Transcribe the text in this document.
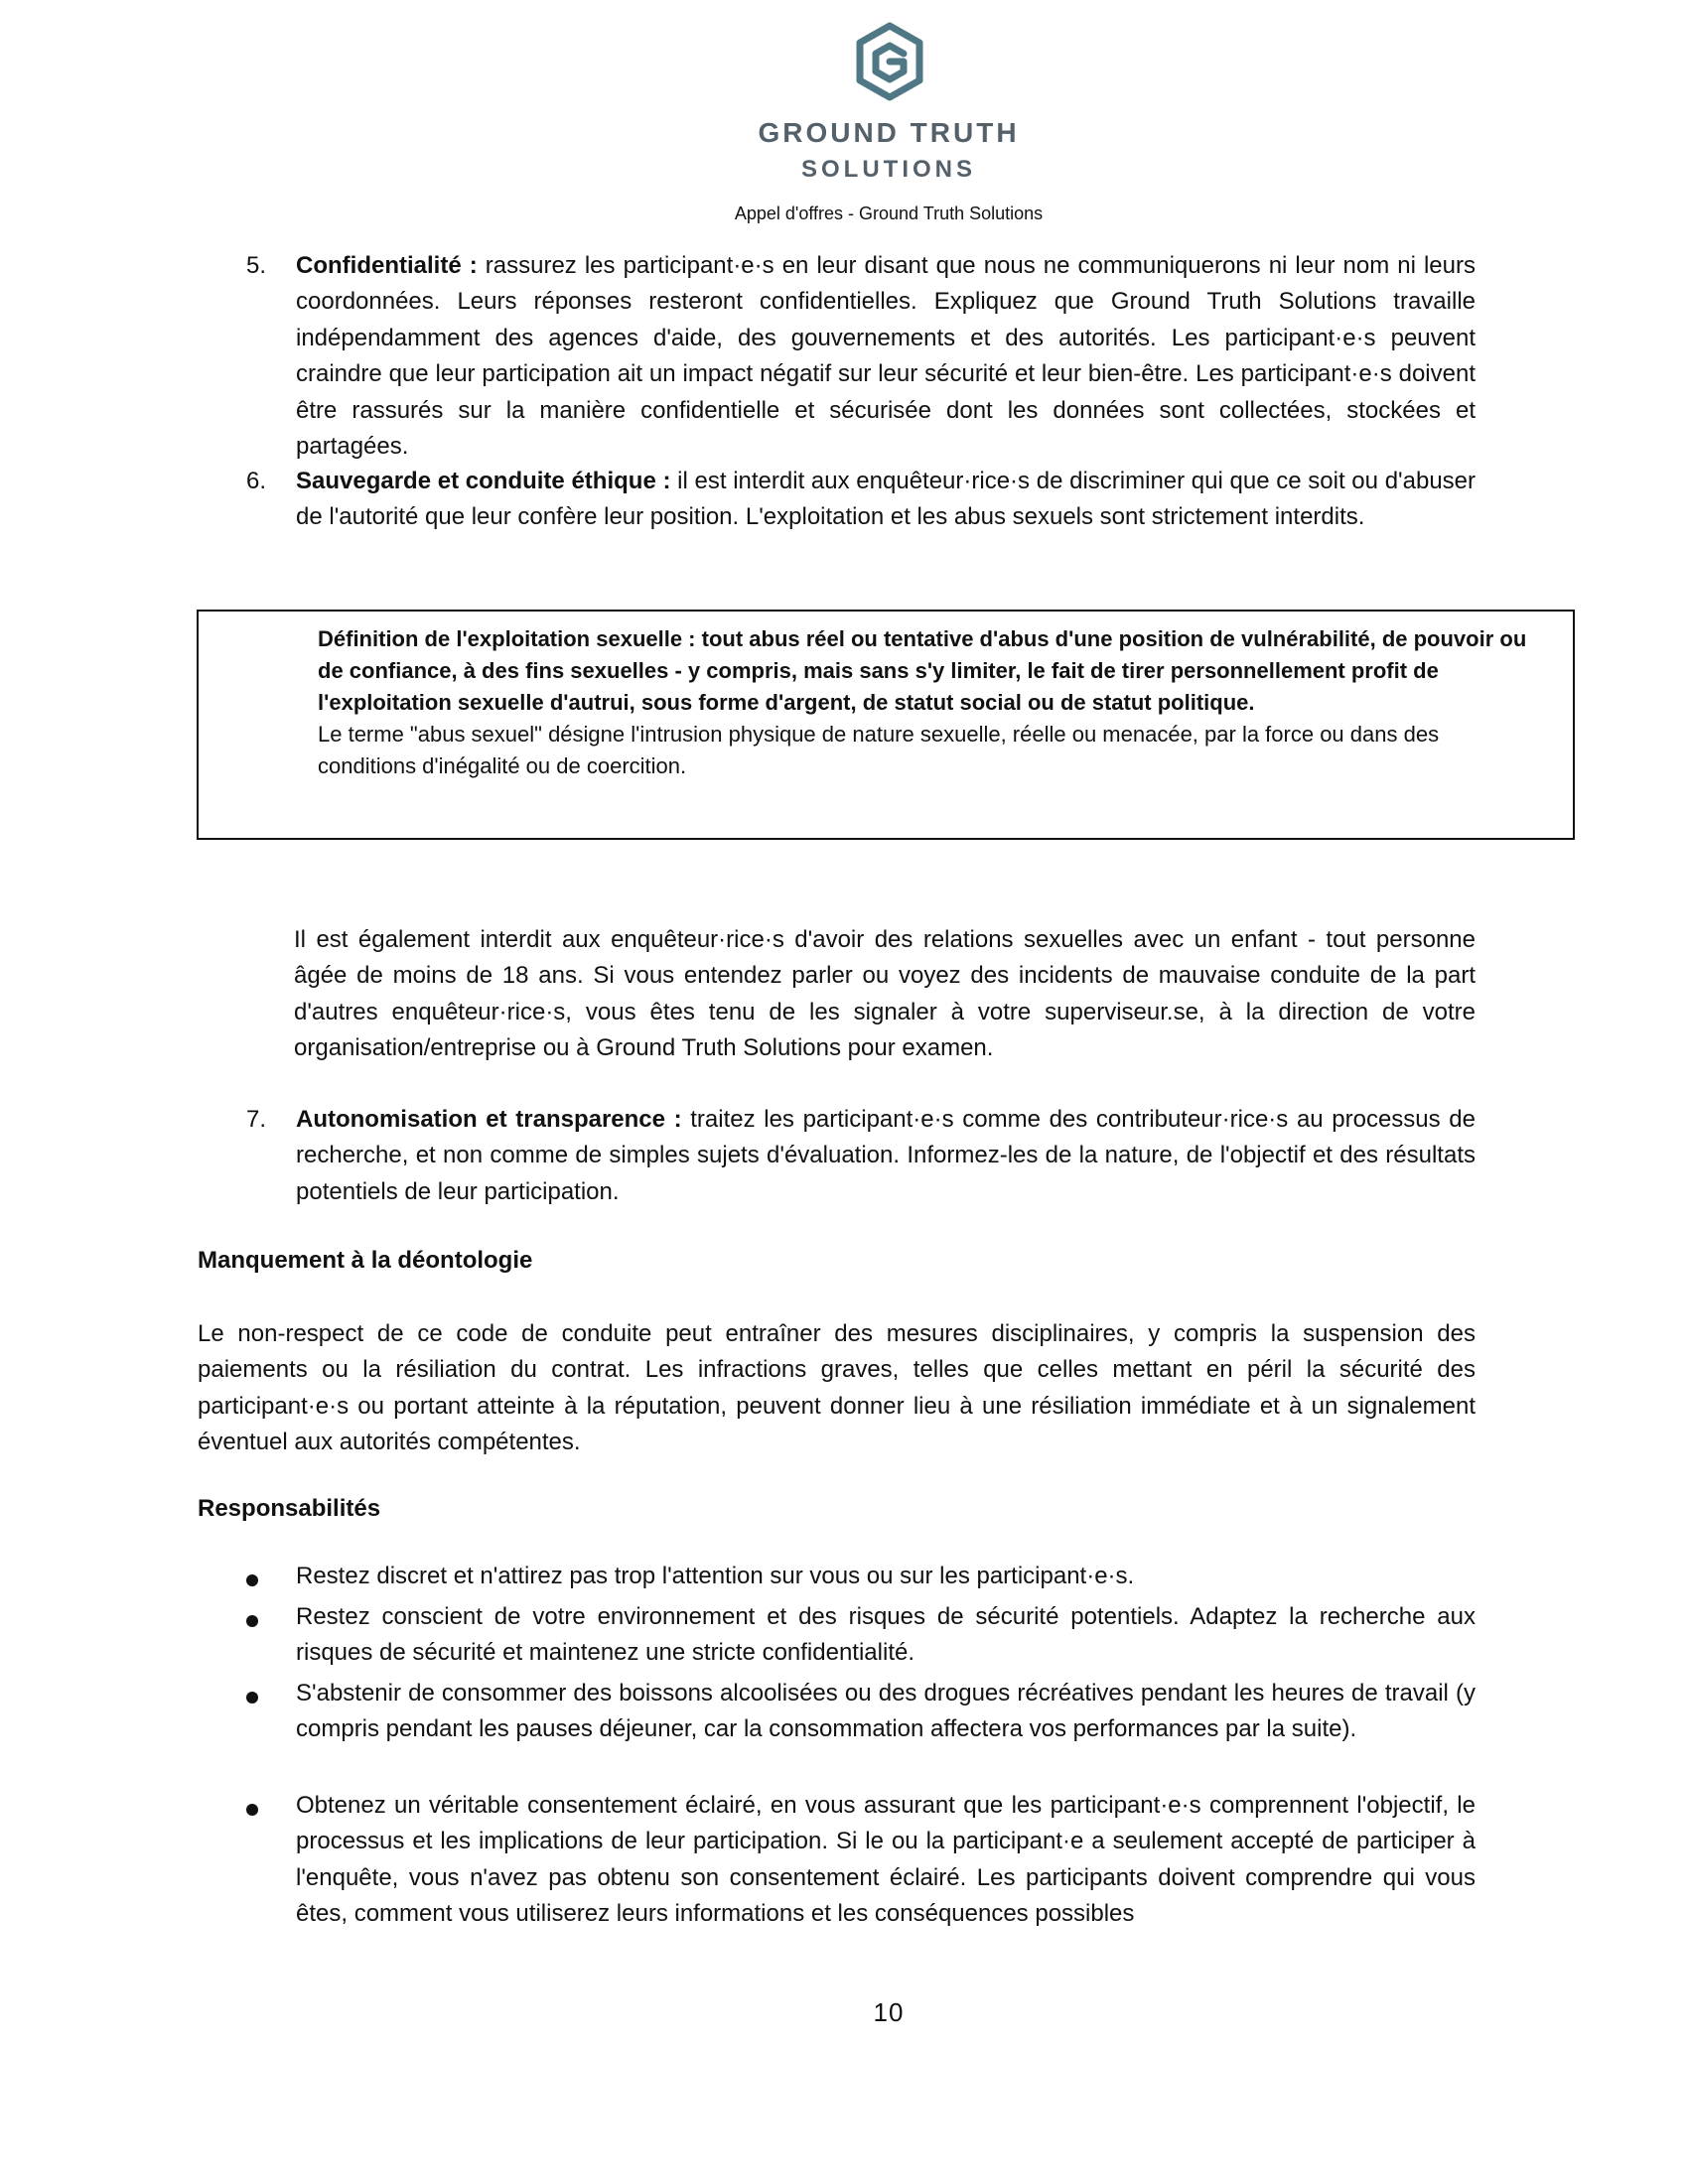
GROUND TRUTH
SOLUTIONS
Appel d'offres - Ground Truth Solutions
5. Confidentialité : rassurez les participant·e·s en leur disant que nous ne communiquerons ni leur nom ni leurs coordonnées. Leurs réponses resteront confidentielles. Expliquez que Ground Truth Solutions travaille indépendamment des agences d'aide, des gouvernements et des autorités. Les participant·e·s peuvent craindre que leur participation ait un impact négatif sur leur sécurité et leur bien-être. Les participant·e·s doivent être rassurés sur la manière confidentielle et sécurisée dont les données sont collectées, stockées et partagées.
6. Sauvegarde et conduite éthique : il est interdit aux enquêteur·rice·s de discriminer qui que ce soit ou d'abuser de l'autorité que leur confère leur position. L'exploitation et les abus sexuels sont strictement interdits.
Définition de l'exploitation sexuelle : tout abus réel ou tentative d'abus d'une position de vulnérabilité, de pouvoir ou de confiance, à des fins sexuelles - y compris, mais sans s'y limiter, le fait de tirer personnellement profit de l'exploitation sexuelle d'autrui, sous forme d'argent, de statut social ou de statut politique.
Le terme "abus sexuel" désigne l'intrusion physique de nature sexuelle, réelle ou menacée, par la force ou dans des conditions d'inégalité ou de coercition.
Il est également interdit aux enquêteur·rice·s d'avoir des relations sexuelles avec un enfant - tout personne âgée de moins de 18 ans. Si vous entendez parler ou voyez des incidents de mauvaise conduite de la part d'autres enquêteur·rice·s, vous êtes tenu de les signaler à votre superviseur.se, à la direction de votre organisation/entreprise ou à Ground Truth Solutions pour examen.
7. Autonomisation et transparence : traitez les participant·e·s comme des contributeur·rice·s au processus de recherche, et non comme de simples sujets d'évaluation. Informez-les de la nature, de l'objectif et des résultats potentiels de leur participation.
Manquement à la déontologie
Le non-respect de ce code de conduite peut entraîner des mesures disciplinaires, y compris la suspension des paiements ou la résiliation du contrat. Les infractions graves, telles que celles mettant en péril la sécurité des participant·e·s ou portant atteinte à la réputation, peuvent donner lieu à une résiliation immédiate et à un signalement éventuel aux autorités compétentes.
Responsabilités
Restez discret et n'attirez pas trop l'attention sur vous ou sur les participant·e·s.
Restez conscient de votre environnement et des risques de sécurité potentiels. Adaptez la recherche aux risques de sécurité et maintenez une stricte confidentialité.
S'abstenir de consommer des boissons alcoolisées ou des drogues récréatives pendant les heures de travail (y compris pendant les pauses déjeuner, car la consommation affectera vos performances par la suite).
Obtenez un véritable consentement éclairé, en vous assurant que les participant·e·s comprennent l'objectif, le processus et les implications de leur participation. Si le ou la participant·e a seulement accepté de participer à l'enquête, vous n'avez pas obtenu son consentement éclairé. Les participants doivent comprendre qui vous êtes, comment vous utiliserez leurs informations et les conséquences possibles
10
